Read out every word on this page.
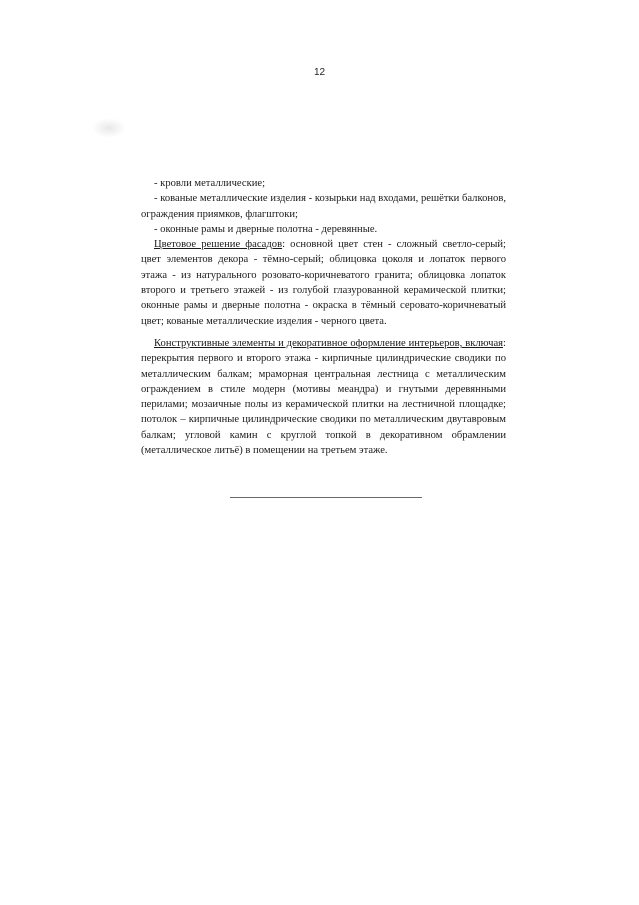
12

- кровли металлические;

- кованые металлические изделия - козырьки над входами, решётки балконов, ограждения приямков, флагштоки;

- оконные рамы и дверные полотна - деревянные.

Цветовое решение фасадов: основной цвет стен - сложный светло-серый; цвет элементов декора - тёмно-серый; облицовка цоколя и лопаток первого этажа - из натурального розовато-коричневатого гранита; облицовка лопаток второго и третьего этажей - из голубой глазурованной керамической плитки; оконные рамы и дверные полотна - окраска в тёмный серовато-коричневатый цвет; кованые металлические изделия - черного цвета.

Конструктивные элементы и декоративное оформление интерьеров, включая: перекрытия первого и второго этажа - кирпичные цилиндрические сводики по металлическим балкам; мраморная центральная лестница с металлическим ограждением в стиле модерн (мотивы меандра) и гнутыми деревянными перилами; мозаичные полы из керамической плитки на лестничной площадке; потолок – кирпичные цилиндрические сводики по металлическим двутавровым балкам; угловой камин с круглой топкой в декоративном обрамлении (металлическое литьё) в помещении на третьем этаже.
